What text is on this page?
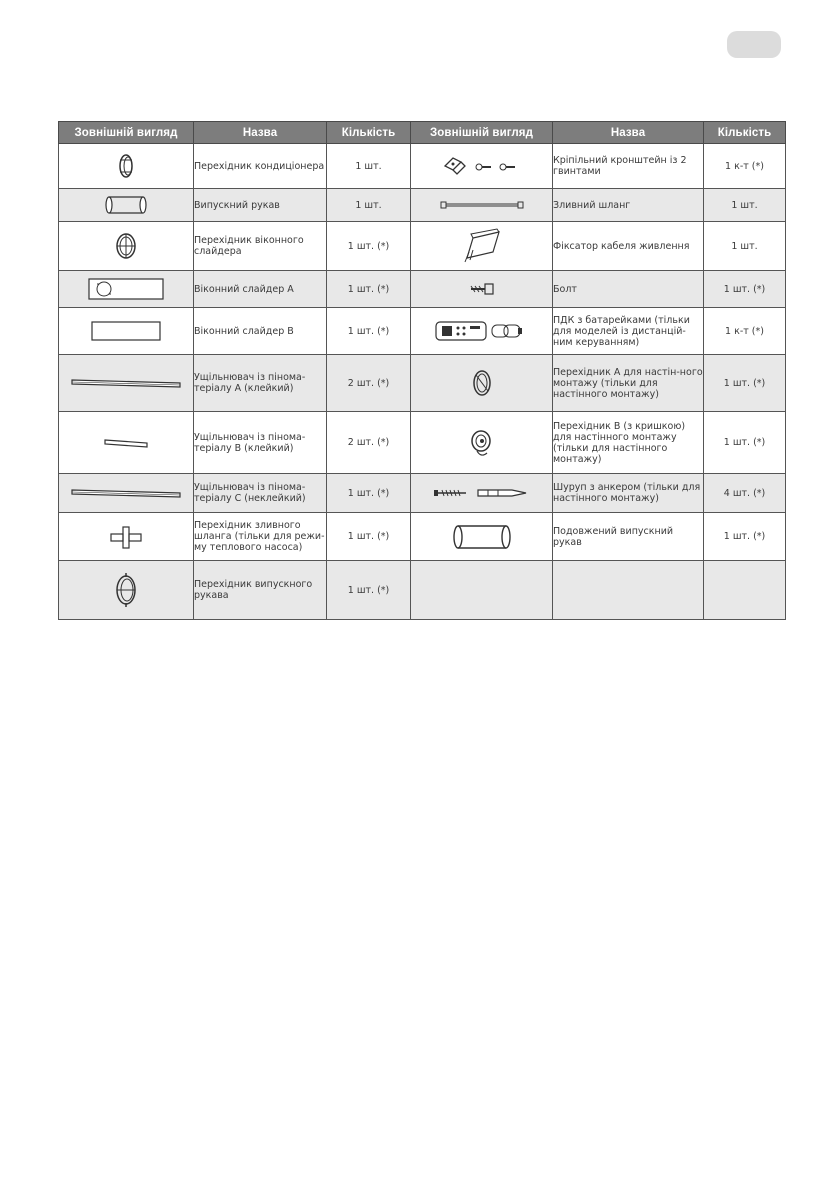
Зовнішній вигляд	Назва	Кількість	Зовнішній вигляд	Назва	Кількість

	Перехідник кондиціонера	1 шт.		Кріпільний кронштейн із 2 гвинтами	1 к-т (*)

	Випускний рукав	1 шт.		Зливний шланг	1 шт.

	Перехідник віконного слайдера	1 шт. (*)		Фіксатор кабеля живлення	1 шт.

	Віконний слайдер А	1 шт. (*)		Болт	1 шт. (*)

	Віконний слайдер В	1 шт. (*)		ПДК з батарейками (тільки для моделей із дистанцій-ним керуванням)	1 к-т (*)

	Ущільнювач із пінома-теріалу А (клейкий)	2 шт. (*)		Перехідник А для настін-ного монтажу (тільки для настінного монтажу)	1 шт. (*)

	Ущільнювач із пінома-теріалу В (клейкий)	2 шт. (*)		Перехідник В (з кришкою) для настінного монтажу (тільки для настінного монтажу)	1 шт. (*)

	Ущільнювач із пінома-теріалу С (неклейкий)	1 шт. (*)		Шуруп з анкером (тільки для настінного монтажу)	4 шт. (*)

	Перехідник зливного шланга (тільки для режи-му теплового насоса)	1 шт. (*)		Подовжений випускний рукав	1 шт. (*)

	Перехідник випускного рукава	1 шт. (*)			
